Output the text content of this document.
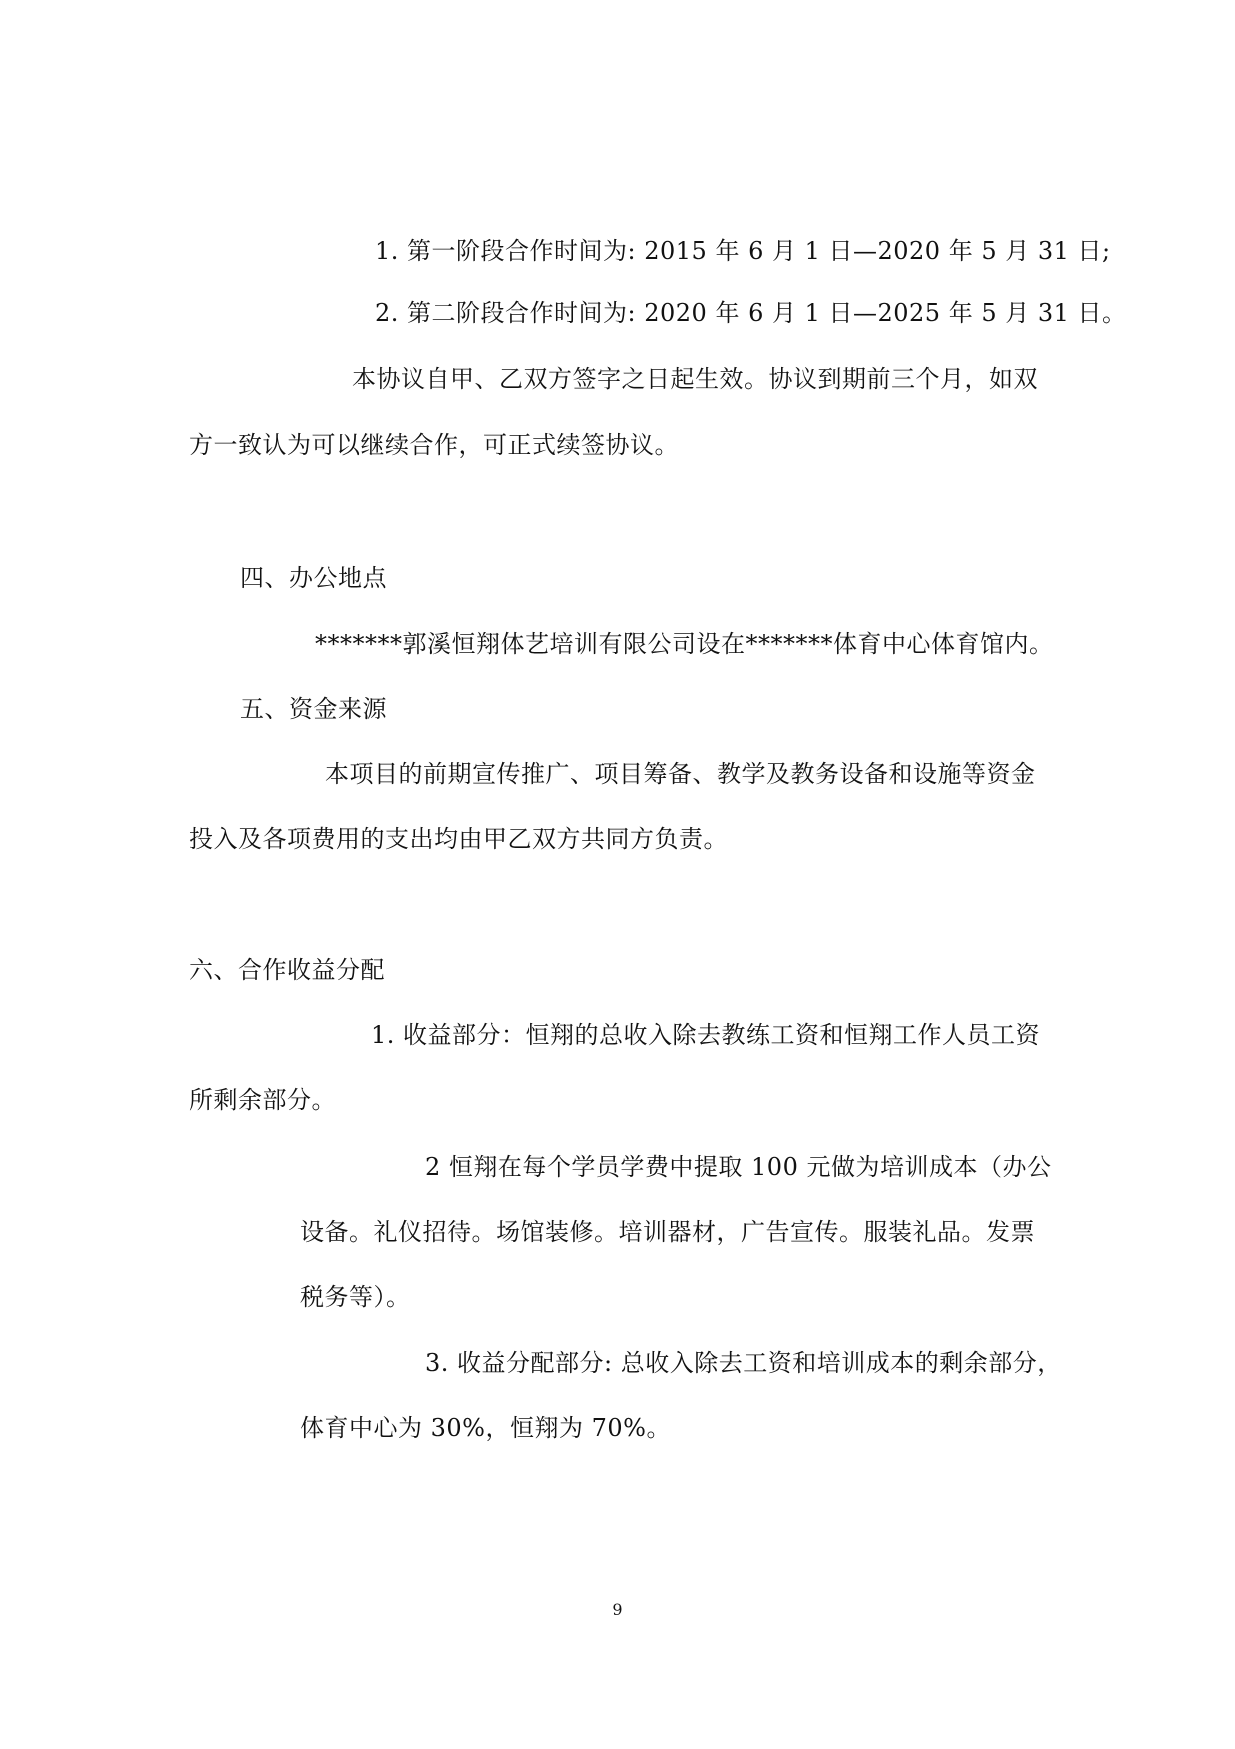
1. 第一阶段合作时间为: 2015 年 6 月 1 日—2020 年 5 月 31 日;

2. 第二阶段合作时间为: 2020 年 6 月 1 日—2025 年 5 月 31 日。

本协议自甲、乙双方签字之日起生效。协议到期前三个月，如双

方一致认为可以继续合作，可正式续签协议。

四、办公地点

*******郭溪恒翔体艺培训有限公司设在*******体育中心体育馆内。

五、资金来源

本项目的前期宣传推广、项目筹备、教学及教务设备和设施等资金

投入及各项费用的支出均由甲乙双方共同方负责。

六、合作收益分配

1. 收益部分：恒翔的总收入除去教练工资和恒翔工作人员工资

所剩余部分。

2 恒翔在每个学员学费中提取 100 元做为培训成本（办公

设备。礼仪招待。场馆装修。培训器材，广告宣传。服装礼品。发票

税务等）。

3. 收益分配部分: 总收入除去工资和培训成本的剩余部分，

体育中心为 30%，恒翔为 70%。

9
